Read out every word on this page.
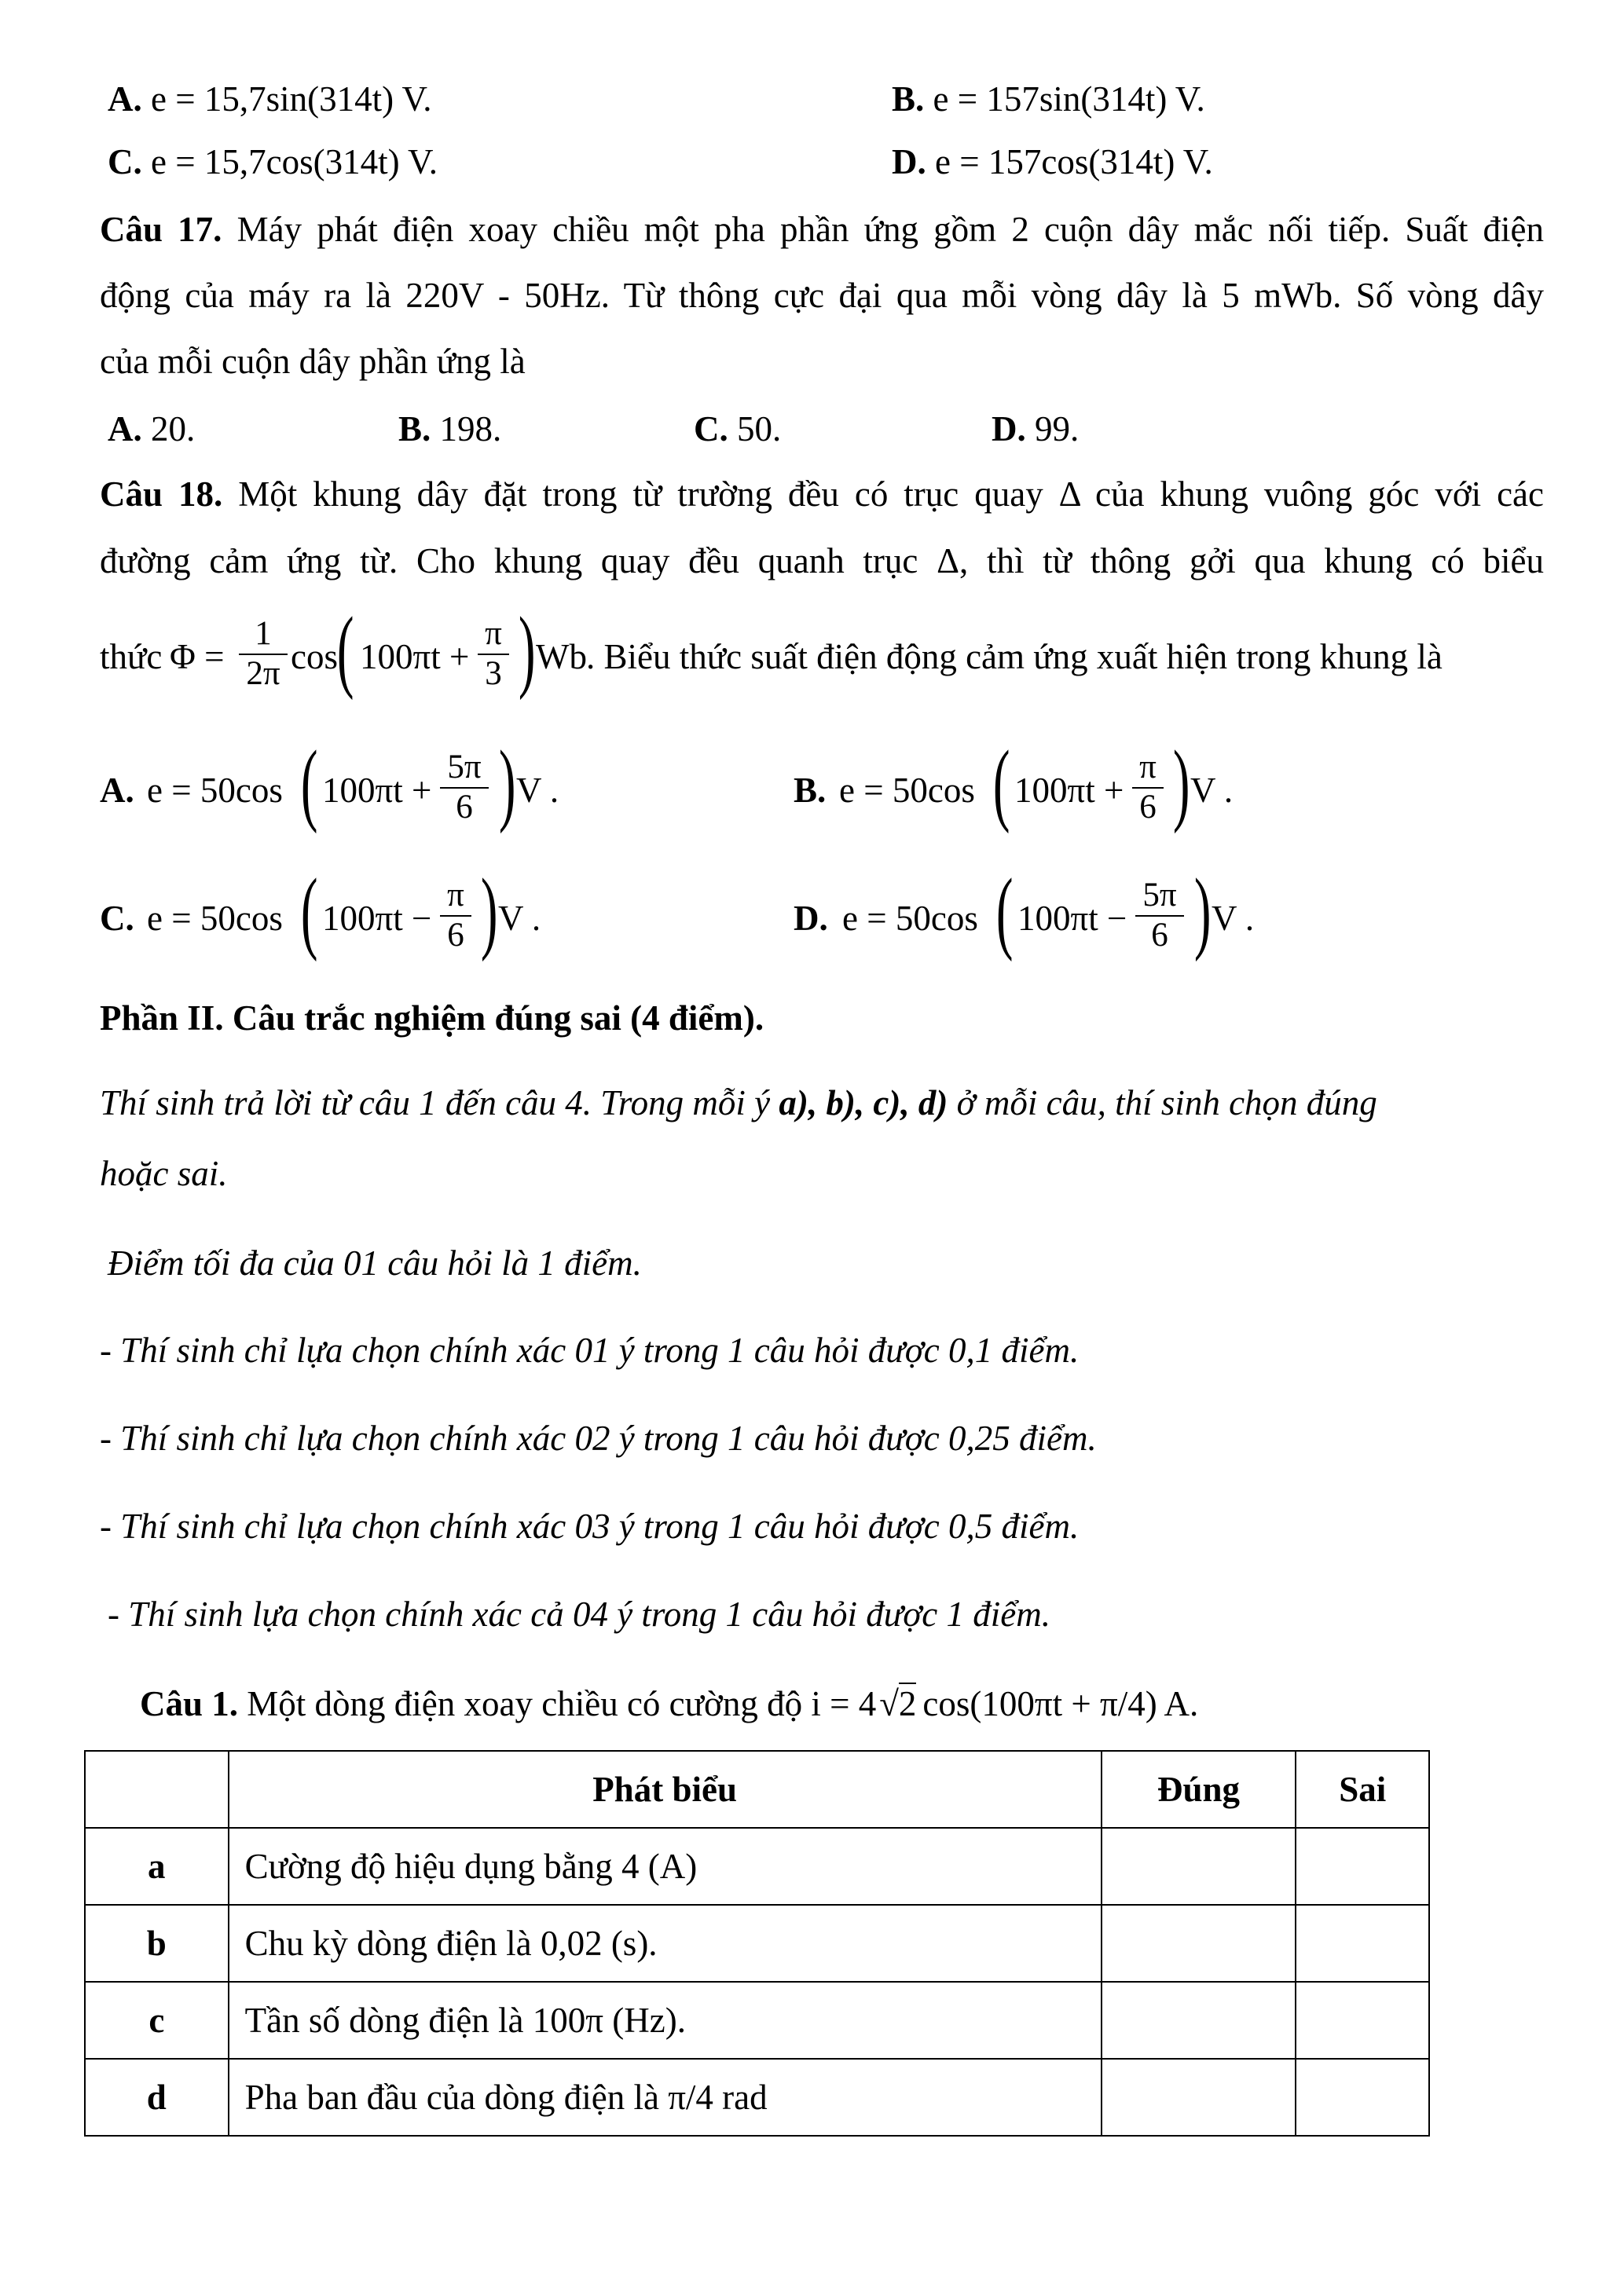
A. e = 15,7sin(314t) V.	B. e = 157sin(314t) V.
C. e = 15,7cos(314t) V.	D. e = 157cos(314t) V.
Câu 17. Máy phát điện xoay chiều một pha phần ứng gồm 2 cuộn dây mắc nối tiếp. Suất điện
động của máy ra là 220V - 50Hz. Từ thông cực đại qua mỗi vòng dây là 5 mWb. Số vòng dây
của mỗi cuộn dây phần ứng là
A. 20.	B. 198.	C. 50.	D. 99.
Câu 18. Một khung dây đặt trong từ trường đều có trục quay Δ của khung vuông góc với các
đường cảm ứng từ. Cho khung quay đều quanh trục Δ, thì từ thông gởi qua khung có biểu
thức Φ =
1
2π cos
( 100πt +
π
3 ) Wb . Biểu thức suất điện động cảm ứng xuất hiện trong khung là
A. e = 50cos ( 100πt +
5π
6 ) V .	B. e = 50cos ( 100πt +
π
6 ) V .
C. e = 50cos ( 100πt −
π
6 ) V .	D. e = 50cos ( 100πt −
5π
6 ) V .
Phần II. Câu trắc nghiệm đúng sai (4 điểm).
Thí sinh trả lời từ câu 1 đến câu 4. Trong mỗi ý a), b), c), d) ở mỗi câu, thí sinh chọn đúng
hoặc sai.
Điểm tối đa của 01 câu hỏi là 1 điểm.
- Thí sinh chỉ lựa chọn chính xác 01 ý trong 1 câu hỏi được 0,1 điểm.
- Thí sinh chỉ lựa chọn chính xác 02 ý trong 1 câu hỏi được 0,25 điểm.
- Thí sinh chỉ lựa chọn chính xác 03 ý trong 1 câu hỏi được 0,5 điểm.
- Thí sinh lựa chọn chính xác cả 04 ý trong 1 câu hỏi được 1 điểm.
Câu 1. Một dòng điện xoay chiều có cường độ i = 4√2 cos(100πt + π/4) A.
	Phát biểu	Đúng	Sai
a	Cường độ hiệu dụng bằng 4 (A)		
b	Chu kỳ dòng điện là 0,02 (s).		
c	Tần số dòng điện là 100π (Hz).		
d	Pha ban đầu của dòng điện là π/4 rad		
